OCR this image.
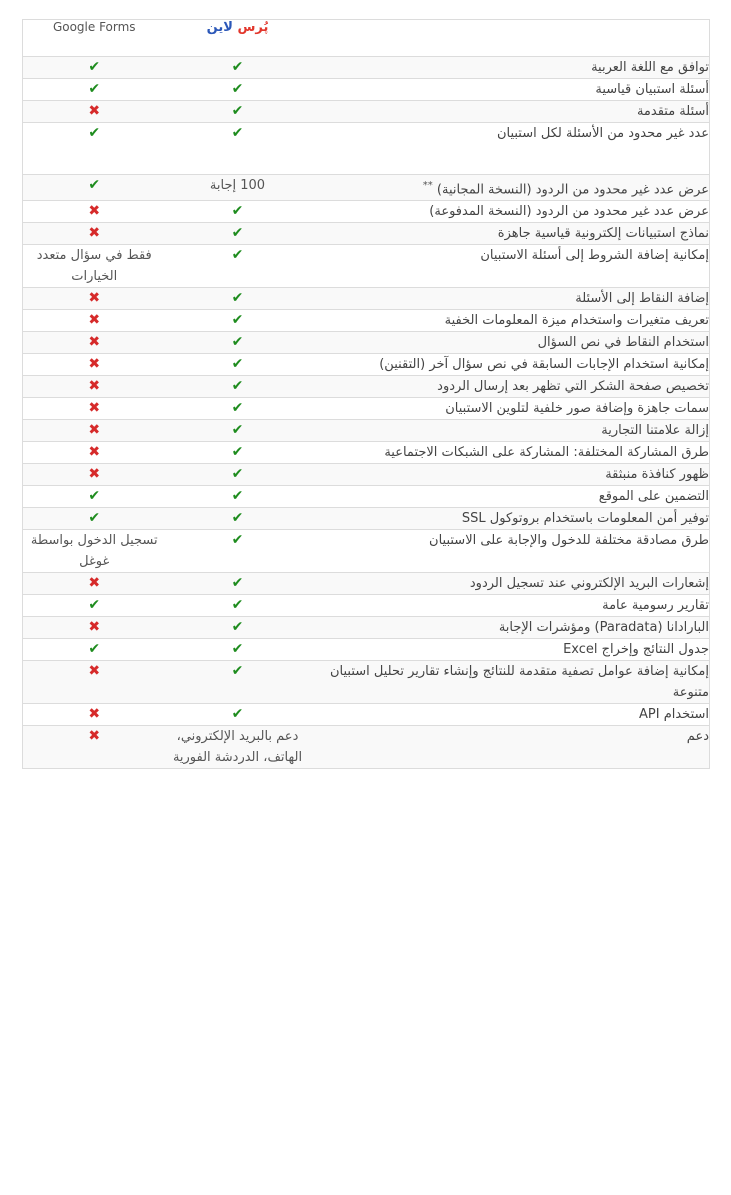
	پُرس لاين	Google Forms
توافق مع اللغة العربية	✔	✔
أسئلة استبيان قياسية	✔	✔
أسئلة متقدمة	✔	✖
عدد غير محدود من الأسئلة لكل استبيان	✔	✔
عرض عدد غير محدود من الردود (النسخة المجانية) **	100 إجابة	✔
عرض عدد غير محدود من الردود (النسخة المدفوعة)	✔	✖
نماذج استبيانات إلكترونية قياسية جاهزة	✔	✖
إمكانية إضافة الشروط إلى أسئلة الاستبيان	✔	فقط في سؤال متعدد الخيارات
إضافة النقاط إلى الأسئلة	✔	✖
تعريف متغيرات واستخدام ميزة المعلومات الخفية	✔	✖
استخدام النقاط في نص السؤال	✔	✖
إمكانية استخدام الإجابات السابقة في نص سؤال آخر (التقنين)	✔	✖
تخصيص صفحة الشكر التي تظهر بعد إرسال الردود	✔	✖
سمات جاهزة وإضافة صور خلفية لتلوين الاستبيان	✔	✖
إزالة علامتنا التجارية	✔	✖
طرق المشاركة المختلفة: المشاركة على الشبكات الاجتماعية	✔	✖
ظهور كنافذة منبثقة	✔	✖
التضمين على الموقع	✔	✔
توفير أمن المعلومات باستخدام بروتوكول SSL	✔	✔
طرق مصادقة مختلفة للدخول والإجابة على الاستبيان	✔	تسجيل الدخول بواسطة غوغل
إشعارات البريد الإلكتروني عند تسجيل الردود	✔	✖
تقارير رسومية عامة	✔	✔
البارادانا (Paradata) ومؤشرات الإجابة	✔	✖
جدول النتائج وإخراج Excel	✔	✔
إمكانية إضافة عوامل تصفية متقدمة للنتائج وإنشاء تقارير تحليل استبيان متنوعة	✔	✖
استخدام API	✔	✖
دعم	دعم بالبريد الإلكتروني، الهاتف، الدردشة الفورية	✖
